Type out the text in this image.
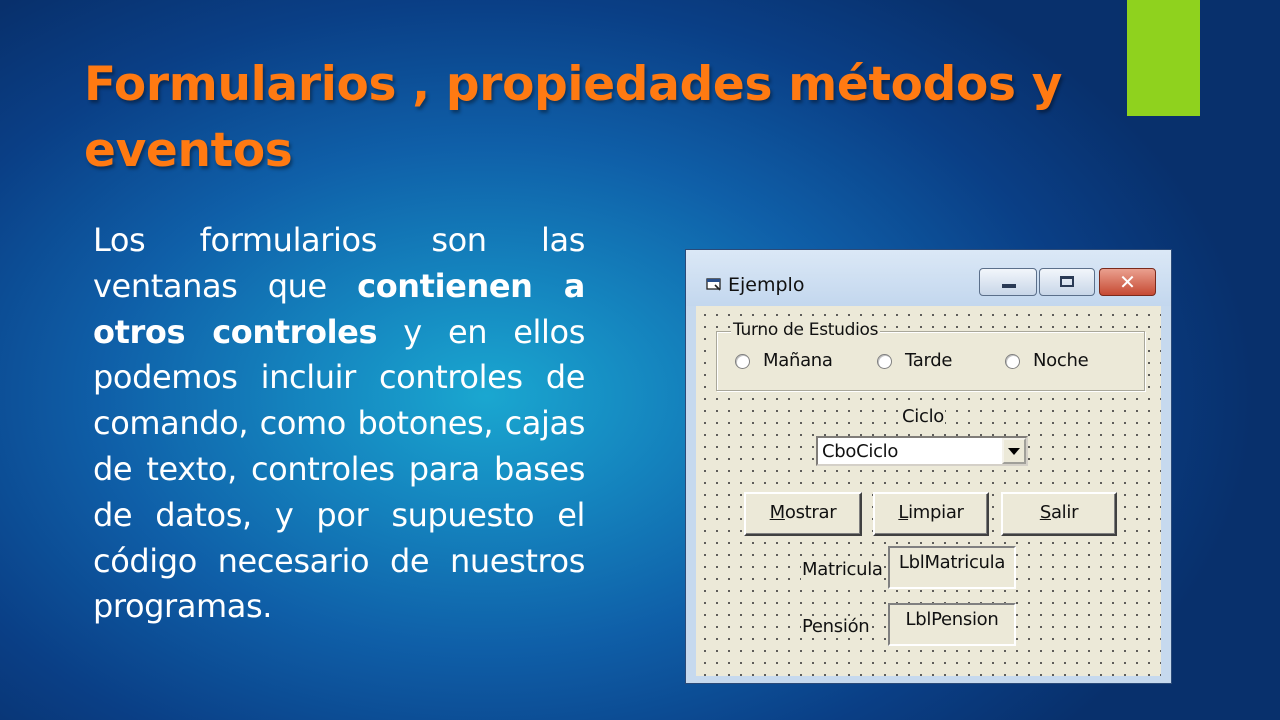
Formularios , propiedades métodos y eventos
Los formularios son las ventanas que contienen a otros controles y en ellos podemos incluir controles de comando, como botones, cajas de texto, controles para bases de datos, y por supuesto el código necesario de nuestros programas.
Ejemplo	✕
Turno de Estudios
Mañana	Tarde	Noche
Ciclo
CboCiclo
Mostrar	Limpiar	Salir
Matricula LblMatricula
Pensión	LblPension
